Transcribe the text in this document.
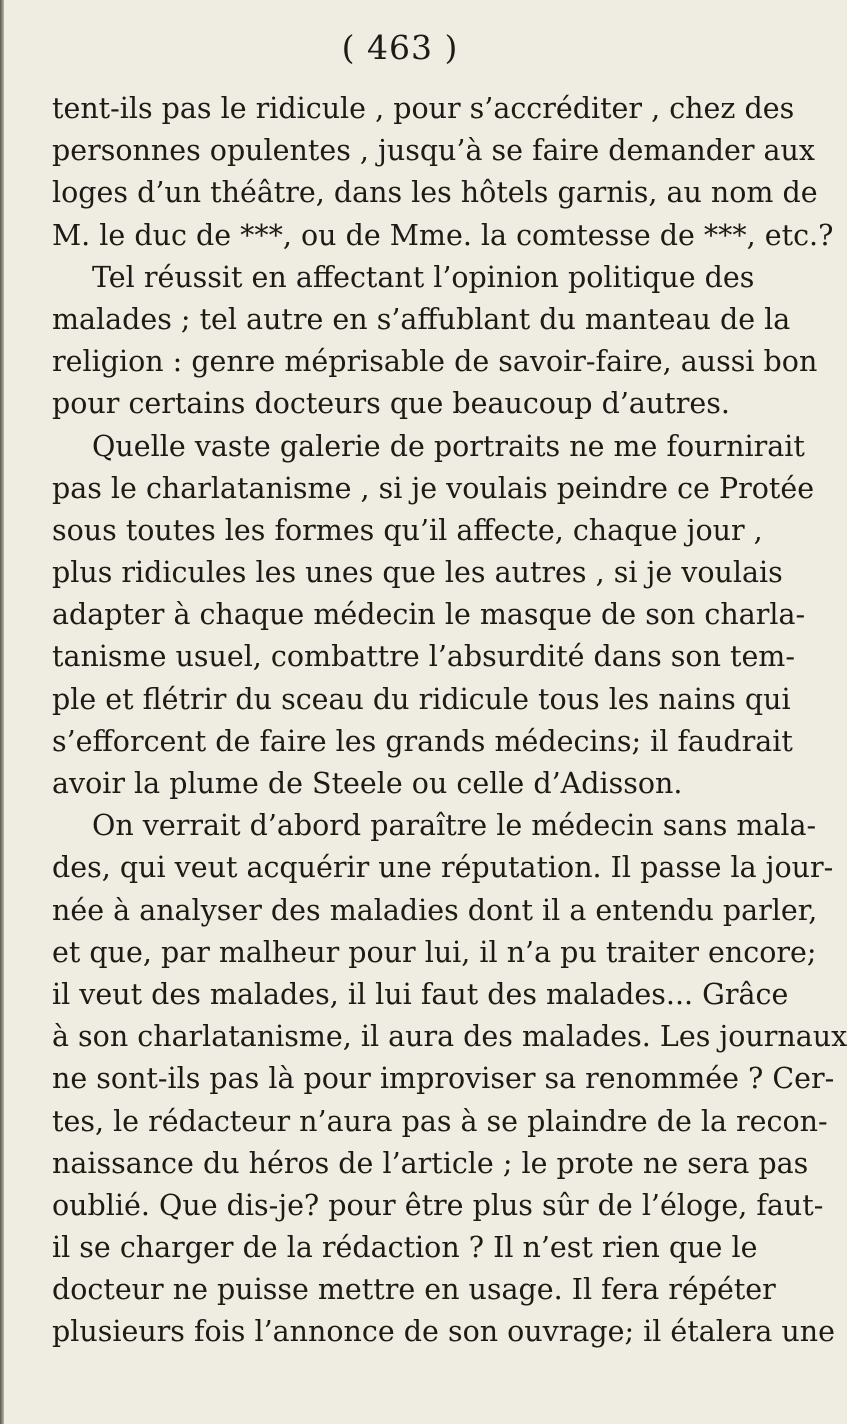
( 463 )
tent-ils pas le ridicule , pour s’accréditer , chez des
personnes opulentes , jusqu’à se faire demander aux
loges d’un théâtre, dans les hôtels garnis, au nom de
M. le duc de ***, ou de Mme. la comtesse de ***, etc.?
Tel réussit en affectant l’opinion politique des
malades ; tel autre en s’affublant du manteau de la
religion : genre méprisable de savoir-faire, aussi bon
pour certains docteurs que beaucoup d’autres.
Quelle vaste galerie de portraits ne me fournirait
pas le charlatanisme , si je voulais peindre ce Protée
sous toutes les formes qu’il affecte, chaque jour ,
plus ridicules les unes que les autres , si je voulais
adapter à chaque médecin le masque de son charla-
tanisme usuel, combattre l’absurdité dans son tem-
ple et flétrir du sceau du ridicule tous les nains qui
s’efforcent de faire les grands médecins; il faudrait
avoir la plume de Steele ou celle d’Adisson.
On verrait d’abord paraître le médecin sans mala-
des, qui veut acquérir une réputation. Il passe la jour-
née à analyser des maladies dont il a entendu parler,
et que, par malheur pour lui, il n’a pu traiter encore;
il veut des malades, il lui faut des malades... Grâce
à son charlatanisme, il aura des malades. Les journaux
ne sont-ils pas là pour improviser sa renommée ? Cer-
tes, le rédacteur n’aura pas à se plaindre de la recon-
naissance du héros de l’article ; le prote ne sera pas
oublié. Que dis-je? pour être plus sûr de l’éloge, faut-
il se charger de la rédaction ? Il n’est rien que le
docteur ne puisse mettre en usage. Il fera répéter
plusieurs fois l’annonce de son ouvrage; il étalera une
